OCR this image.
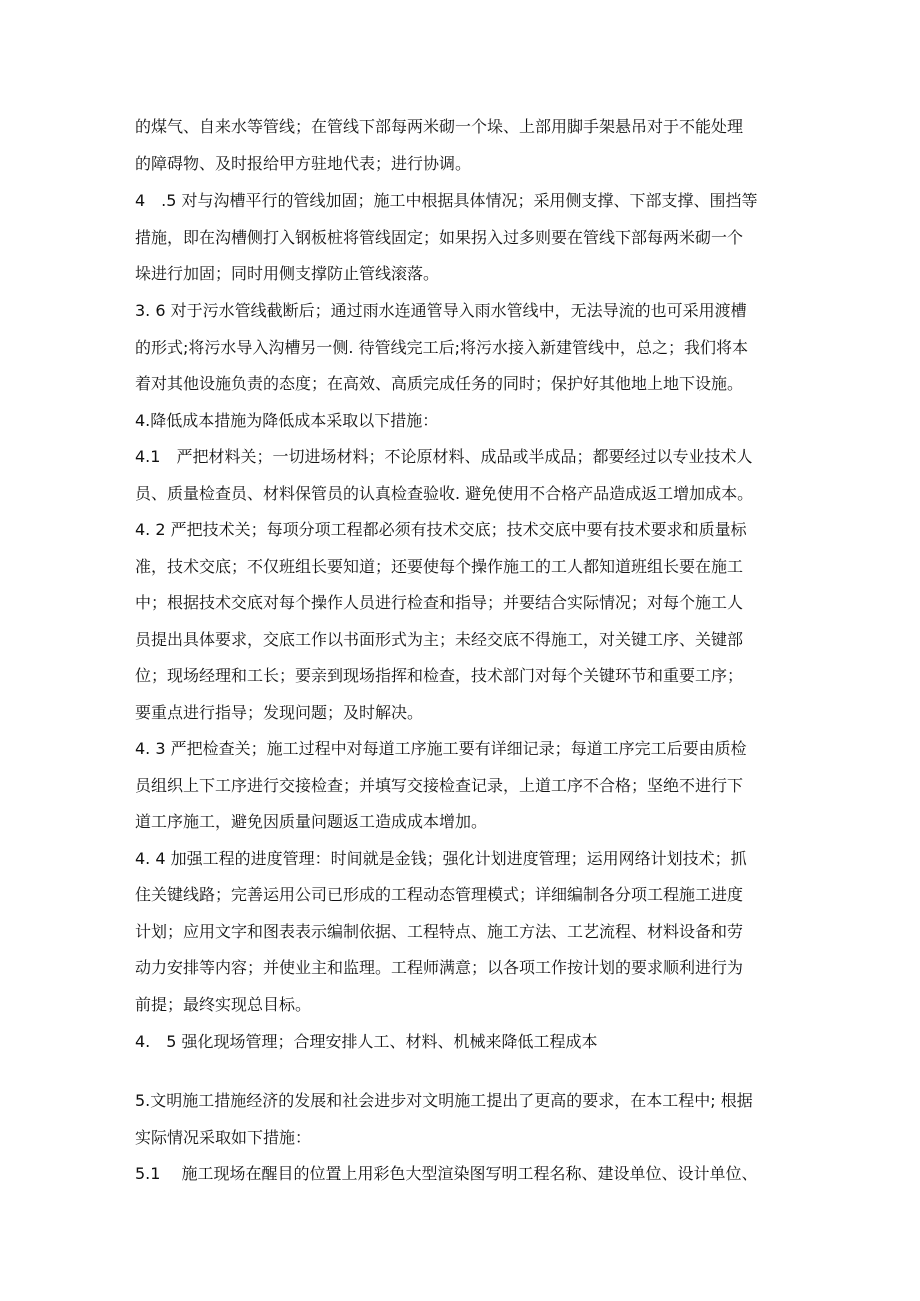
的煤气、自来水等管线；在管线下部每两米砌一个垛、上部用脚手架悬吊对于不能处理

的障碍物、及时报给甲方驻地代表；进行协调。

4　.5 对与沟槽平行的管线加固；施工中根据具体情况；采用侧支撑、下部支撑、围挡等

措施，即在沟槽侧打入钢板桩将管线固定；如果拐入过多则要在管线下部每两米砌一个

垛进行加固；同时用侧支撑防止管线滚落。

3. 6 对于污水管线截断后；通过雨水连通管导入雨水管线中，无法导流的也可采用渡槽

的形式;将污水导入沟槽另一侧. 待管线完工后;将污水接入新建管线中，总之；我们将本

着对其他设施负责的态度；在高效、高质完成任务的同时；保护好其他地上地下设施。

4.降低成本措施为降低成本采取以下措施：

4.1　严把材料关；一切进场材料；不论原材料、成品或半成品；都要经过以专业技术人

员、质量检查员、材料保管员的认真检查验收. 避免使用不合格产品造成返工增加成本。

4. 2 严把技术关；每项分项工程都必须有技术交底；技术交底中要有技术要求和质量标

准，技术交底；不仅班组长要知道；还要使每个操作施工的工人都知道班组长要在施工

中；根据技术交底对每个操作人员进行检查和指导；并要结合实际情况；对每个施工人

员提出具体要求，交底工作以书面形式为主；未经交底不得施工，对关键工序、关键部

位；现场经理和工长；要亲到现场指挥和检查，技术部门对每个关键环节和重要工序；

要重点进行指导；发现问题；及时解决。

4. 3 严把检查关；施工过程中对每道工序施工要有详细记录；每道工序完工后要由质检

员组织上下工序进行交接检查；并填写交接检查记录，上道工序不合格；坚绝不进行下

道工序施工，避免因质量问题返工造成成本增加。

4. 4 加强工程的进度管理：时间就是金钱；强化计划进度管理；运用网络计划技术；抓

住关键线路；完善运用公司已形成的工程动态管理模式；详细编制各分项工程施工进度

计划；应用文字和图表表示编制依据、工程特点、施工方法、工艺流程、材料设备和劳

动力安排等内容；并使业主和监理。工程师满意；以各项工作按计划的要求顺利进行为

前提；最终实现总目标。

4.　5 强化现场管理；合理安排人工、材料、机械来降低工程成本

5.文明施工措施经济的发展和社会进步对文明施工提出了更高的要求，在本工程中; 根据

实际情况采取如下措施：

5.1　 施工现场在醒目的位置上用彩色大型渲染图写明工程名称、建设单位、设计单位、
